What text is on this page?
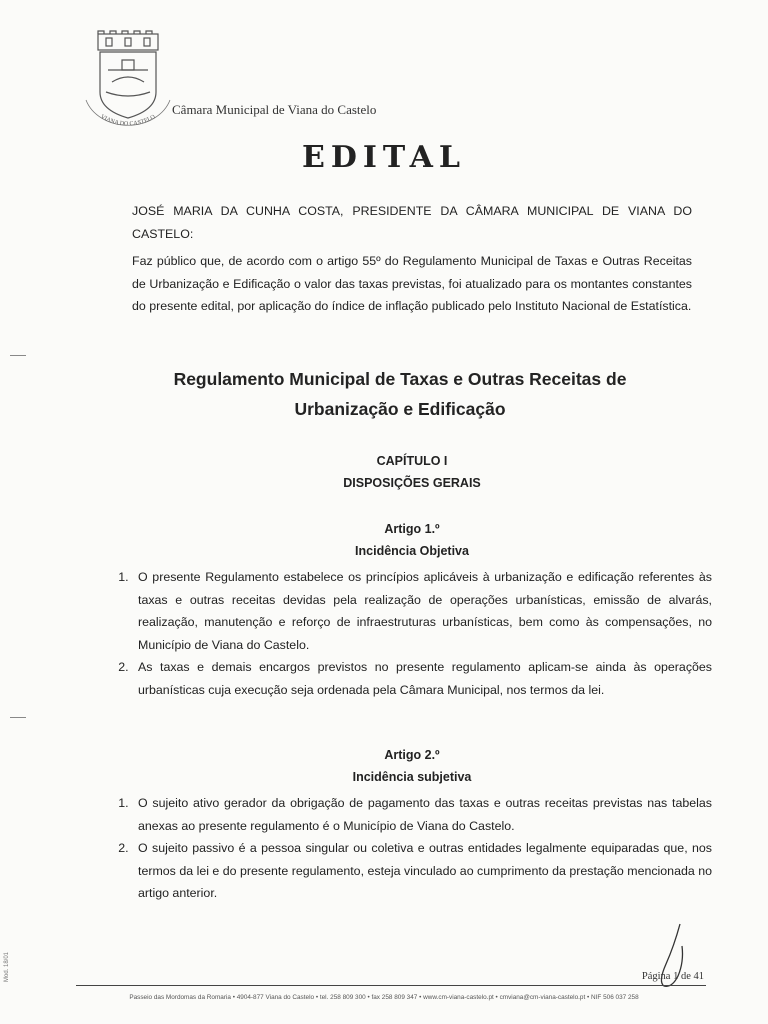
VIANA DO CASTELO
Câmara Municipal de Viana do Castelo
EDITAL

JOSÉ MARIA DA CUNHA COSTA, PRESIDENTE DA CÂMARA MUNICIPAL DE VIANA DO CASTELO:

Faz público que, de acordo com o artigo 55º do Regulamento Municipal de Taxas e Outras Receitas de Urbanização e Edificação o valor das taxas previstas, foi atualizado para os montantes constantes do presente edital, por aplicação do índice de inflação publicado pelo Instituto Nacional de Estatística.

Regulamento Municipal de Taxas e Outras Receitas de Urbanização e Edificação
CAPÍTULO I
DISPOSIÇÕES GERAIS
Artigo 1.º
Incidência Objetiva
1. O presente Regulamento estabelece os princípios aplicáveis à urbanização e edificação referentes às taxas e outras receitas devidas pela realização de operações urbanísticas, emissão de alvarás, realização, manutenção e reforço de infraestruturas urbanísticas, bem como às compensações, no Município de Viana do Castelo.
2. As taxas e demais encargos previstos no presente regulamento aplicam-se ainda às operações urbanísticas cuja execução seja ordenada pela Câmara Municipal, nos termos da lei.
Artigo 2.º
Incidência subjetiva
1. O sujeito ativo gerador da obrigação de pagamento das taxas e outras receitas previstas nas tabelas anexas ao presente regulamento é o Município de Viana do Castelo.
2. O sujeito passivo é a pessoa singular ou coletiva e outras entidades legalmente equiparadas que, nos termos da lei e do presente regulamento, esteja vinculado ao cumprimento da prestação mencionada no artigo anterior.
Mod. 18/01	Página 1 de 41
Passeio das Mordomas da Romaria • 4904-877 Viana do Castelo • tel. 258 809 300 • fax 258 809 347 • www.cm-viana-castelo.pt • cmviana@cm-viana-castelo.pt • NIF 506 037 258
